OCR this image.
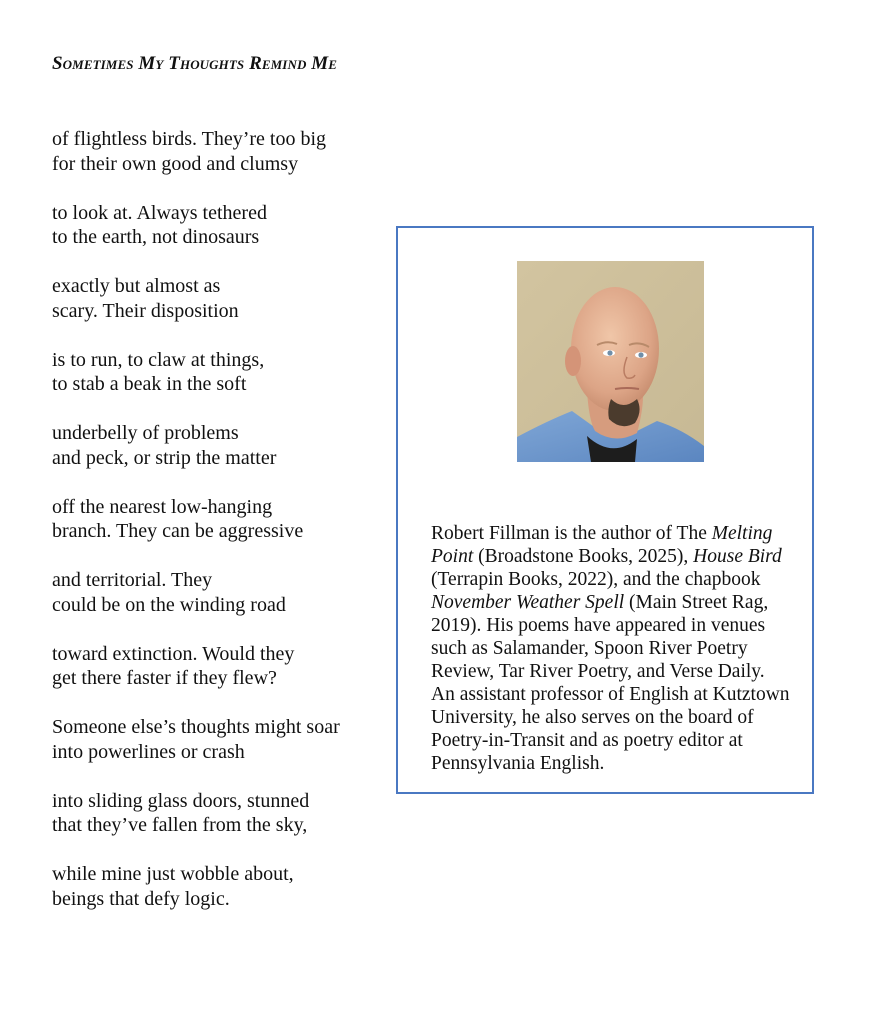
Sometimes My Thoughts Remind Me

of flightless birds. They’re too big
for their own good and clumsy

to look at. Always tethered
to the earth, not dinosaurs

exactly but almost as
scary. Their disposition

is to run, to claw at things,
to stab a beak in the soft

underbelly of problems
and peck, or strip the matter

off the nearest low-hanging
branch. They can be aggressive

and territorial. They
could be on the winding road

toward extinction. Would they
get there faster if they flew?

Someone else’s thoughts might soar
into powerlines or crash

into sliding glass doors, stunned
that they’ve fallen from the sky,

while mine just wobble about,
beings that defy logic.

Robert Fillman is the author of The Melting
Point (Broadstone Books, 2025), House Bird
(Terrapin Books, 2022), and the chapbook
November Weather Spell (Main Street Rag,
2019). His poems have appeared in venues
such as Salamander, Spoon River Poetry
Review, Tar River Poetry, and Verse Daily.
An assistant professor of English at Kutztown
University, he also serves on the board of
Poetry-in-Transit and as poetry editor at
Pennsylvania English.
